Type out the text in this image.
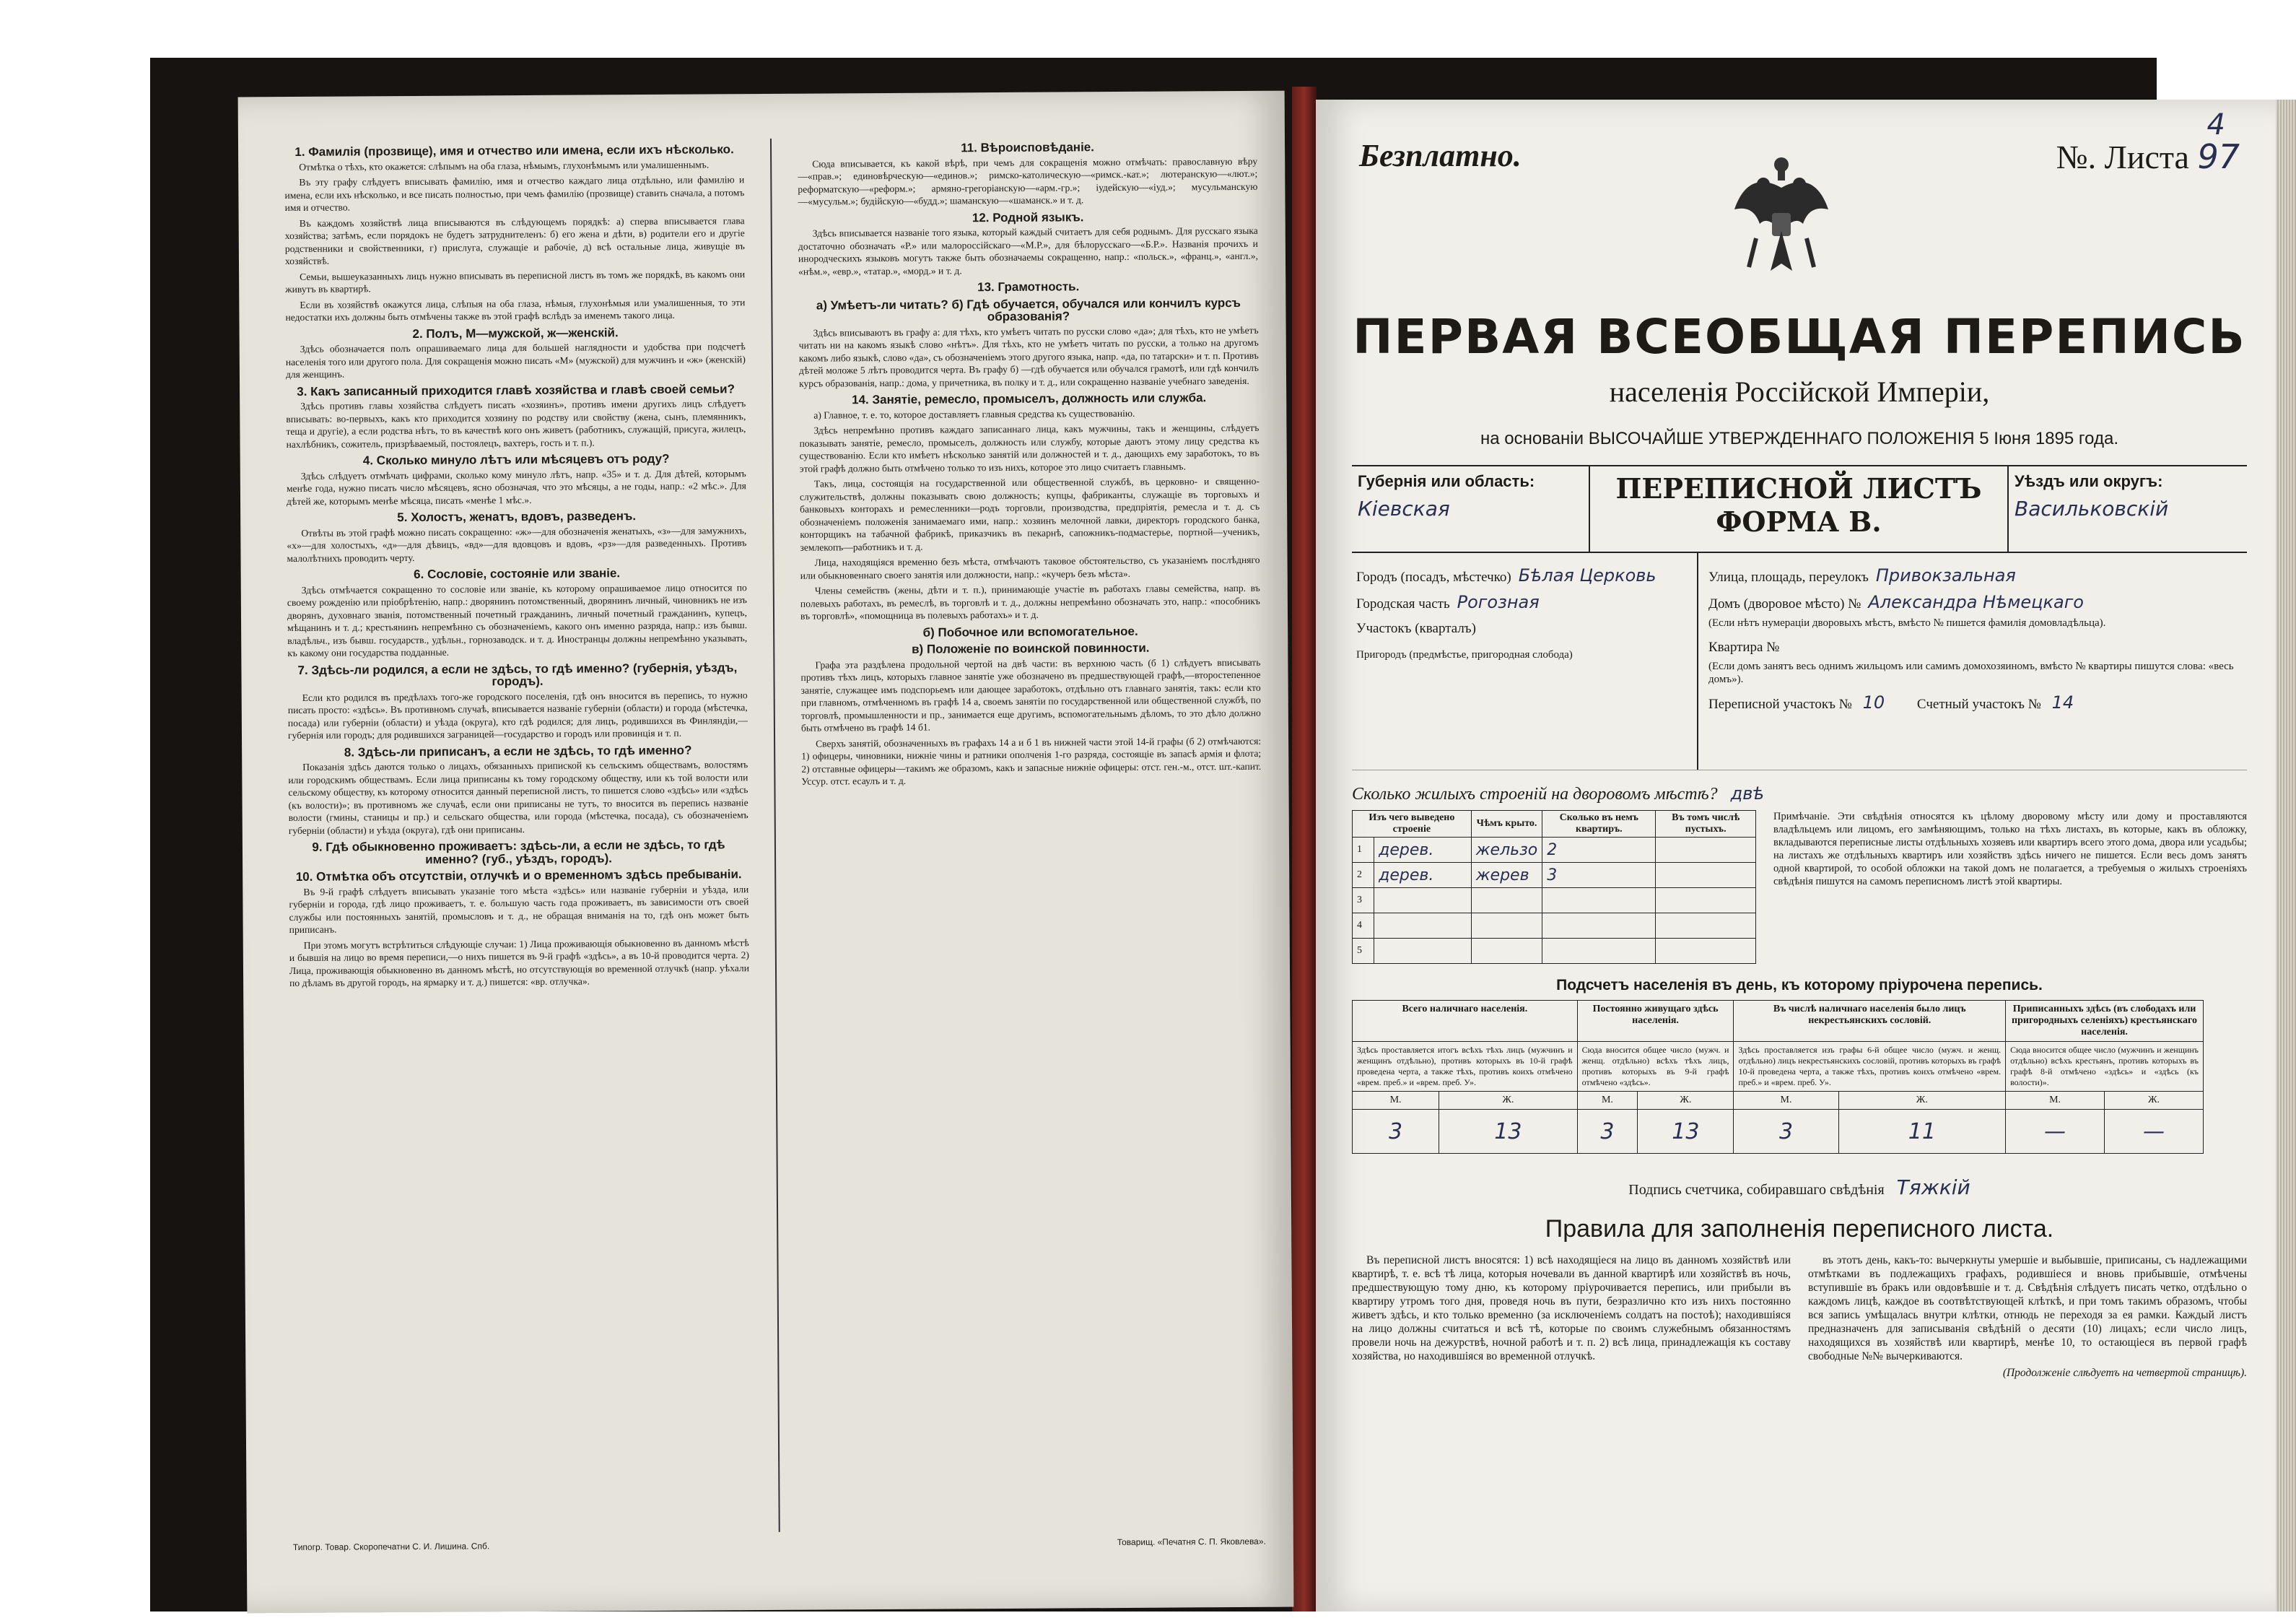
1. Фамилія (прозвище), имя и отчество или имена, если ихъ нѣсколько.

Отмѣтка о тѣхъ, кто окажется: слѣпымъ на оба глаза, нѣмымъ, глухонѣмымъ или умалишеннымъ.

Въ эту графу слѣдуетъ вписывать фамилію, имя и отчество каждаго лица отдѣльно, или фамилію и имена, если ихъ нѣсколько, и все писать полностью, при чемъ фамилію (прозвище) ставить сначала, а потомъ имя и отчество.

Въ каждомъ хозяйствѣ лица вписываются въ слѣдующемъ порядкѣ: а) сперва вписывается глава хозяйства; затѣмъ, если порядокъ не будетъ затруднителенъ: б) его жена и дѣти, в) родители его и другіе родственники и свойственники, г) прислуга, служащіе и рабочіе, д) всѣ остальные лица, живущіе въ хозяйствѣ.

Семьи, вышеуказанныхъ лицъ нужно вписывать въ переписной листъ въ томъ же порядкѣ, въ какомъ они живутъ въ квартирѣ.

Если въ хозяйствѣ окажутся лица, слѣпыя на оба глаза, нѣмыя, глухонѣмыя или умалишенныя, то эти недостатки ихъ должны быть отмѣчены также въ этой графѣ вслѣдъ за именемъ такого лица.

2. Полъ, М—мужской, ж—женскій.

Здѣсь обозначается полъ опрашиваемаго лица для большей наглядности и удобства при подсчетѣ населенія того или другого пола. Для сокращенія можно писать «М» (мужской) для мужчинъ и «ж» (женскій) для женщинъ.

3. Какъ записанный приходится главѣ хозяйства и главѣ своей семьи?

Здѣсь противъ главы хозяйства слѣдуетъ писать «хозяинъ», противъ имени другихъ лицъ слѣдуетъ вписывать: во-первыхъ, какъ кто приходится хозяину по родству или свойству (жена, сынъ, племянникъ, теща и другіе), а если родства нѣтъ, то въ качествѣ кого онъ живетъ (работникъ, служащій, присуга, жилецъ, нахлѣбникъ, сожитель, призрѣваемый, постоялецъ, вахтеръ, гость и т. п.).

4. Сколько минуло лѣтъ или мѣсяцевъ отъ роду?

Здѣсь слѣдуетъ отмѣчать цифрами, сколько кому минуло лѣтъ, напр. «35» и т. д. Для дѣтей, которымъ менѣе года, нужно писать число мѣсяцевъ, ясно обозначая, что это мѣсяцы, а не годы, напр.: «2 мѣс.». Для дѣтей же, которымъ менѣе мѣсяца, писать «менѣе 1 мѣс.».

5. Холостъ, женатъ, вдовъ, разведенъ.

Отвѣты въ этой графѣ можно писать сокращенно: «ж»—для обозначенія женатыхъ, «з»—для замужнихъ, «х»—для холостыхъ, «д»—для дѣвицъ, «вд»—для вдовцовъ и вдовъ, «рз»—для разведенныхъ. Противъ малолѣтнихъ проводить черту.

6. Сословіе, состояніе или званіе.

Здѣсь отмѣчается сокращенно то сословіе или званіе, къ которому опрашиваемое лицо относится по своему рожденію или пріобрѣтенію, напр.: дворянинъ потомственный, дворянинъ личный, чиновникъ не изъ дворянъ, духовнаго званія, потомственный почетный гражданинъ, личный почетный гражданинъ, купецъ, мѣщанинъ и т. д.; крестьянинъ непремѣнно съ обозначеніемъ, какого онъ именно разряда, напр.: изъ бывш. владѣльч., изъ бывш. государств., удѣльн., горнозаводск. и т. д. Иностранцы должны непремѣнно указывать, къ какому они государства подданные.

7. Здѣсь-ли родился, а если не здѣсь, то гдѣ именно? (губернія, уѣздъ, городъ).

Если кто родился въ предѣлахъ того-же городского поселенія, гдѣ онъ вносится въ перепись, то нужно писать просто: «здѣсь». Въ противномъ случаѣ, вписывается названіе губерніи (области) и города (мѣстечка, посада) или губерніи (области) и уѣзда (округа), кто гдѣ родился; для лицъ, родившихся въ Финляндіи,—губернія или городъ; для родившихся заграницей—государство и городъ или провинція и т. п.

8. Здѣсь-ли приписанъ, а если не здѣсь, то гдѣ именно?

Показанія здѣсь даются только о лицахъ, обязанныхъ припиской къ сельскимъ обществамъ, волостямъ или городскимъ обществамъ. Если лица приписаны къ тому городскому обществу, или къ той волости или сельскому обществу, къ которому относится данный переписной листъ, то пишется слово «здѣсь» или «здѣсь (къ волости)»; въ противномъ же случаѣ, если они приписаны не тутъ, то вносится въ перепись названіе волости (гмины, станицы и пр.) и сельскаго общества, или города (мѣстечка, посада), съ обозначеніемъ губерніи (области) и уѣзда (округа), гдѣ они приписаны.

9. Гдѣ обыкновенно проживаетъ: здѣсь-ли, а если не здѣсь, то гдѣ именно? (губ., уѣздъ, городъ).
10. Отмѣтка объ отсутствіи, отлучкѣ и о временномъ здѣсь пребываніи.

Въ 9-й графѣ слѣдуетъ вписывать указаніе того мѣста «здѣсь» или названіе губерніи и уѣзда, или губерніи и города, гдѣ лицо проживаетъ, т. е. большую часть года проживаетъ, въ зависимости отъ своей службы или постоянныхъ занятій, промысловъ и т. д., не обращая вниманія на то, гдѣ онъ может быть приписанъ.

При этомъ могутъ встрѣтиться слѣдующіе случаи: 1) Лица проживающія обыкновенно въ данномъ мѣстѣ и бывшія на лицо во время переписи,—о нихъ пишется въ 9-й графѣ «здѣсь», а въ 10-й проводится черта. 2) Лица, проживающія обыкновенно въ данномъ мѣстѣ, но отсутствующія во временной отлучкѣ (напр. уѣхали по дѣламъ въ другой городъ, на ярмарку и т. д.) пишется: «вр. отлучка».

11. Вѣроисповѣданіе.

Сюда вписывается, къ какой вѣрѣ, при чемъ для сокращенія можно отмѣчать: православную вѣру—«прав.»; единовѣрческую—«единов.»; римско-католическую—«римск.-кат.»; лютеранскую—«лют.»; реформатскую—«реформ.»; армяно-грегоріанскую—«арм.-гр.»; іудейскую—«іуд.»; мусульманскую—«мусульм.»; будійскую—«будд.»; шаманскую—«шаманск.» и т. д.

12. Родной языкъ.

Здѣсь вписывается названіе того языка, который каждый считаетъ для себя роднымъ. Для русскаго языка достаточно обозначать «Р.» или малороссійскаго—«М.Р.», для бѣлорусскаго—«Б.Р.». Названія прочихъ и инородческихъ языковъ могутъ также быть обозначаемы сокращенно, напр.: «польск.», «франц.», «англ.», «нѣм.», «евр.», «татар.», «морд.» и т. д.

13. Грамотность.
а) Умѣетъ-ли читать? б) Гдѣ обучается, обучался или кончилъ курсъ образованія?

Здѣсь вписываютъ въ графу а: для тѣхъ, кто умѣетъ читать по русски слово «да»; для тѣхъ, кто не умѣетъ читать ни на какомъ языкѣ слово «нѣтъ». Для тѣхъ, кто не умѣетъ читать по русски, а только на другомъ какомъ либо языкѣ, слово «да», съ обозначеніемъ этого другого языка, напр. «да, по татарски» и т. п. Противъ дѣтей моложе 5 лѣтъ проводится черта. Въ графу б) —гдѣ обучается или обучался грамотѣ, или гдѣ кончилъ курсъ образованія, напр.: дома, у причетника, въ полку и т. д., или сокращенно названіе учебнаго заведенія.

14. Занятіе, ремесло, промыселъ, должность или служба.

а) Главное, т. е. то, которое доставляетъ главныя средства къ существованію.

Здѣсь непремѣнно противъ каждаго записаннаго лица, какъ мужчины, такъ и женщины, слѣдуетъ показывать занятіе, ремесло, промыселъ, должность или службу, которые даютъ этому лицу средства къ существованію. Если кто имѣетъ нѣсколько занятій или должностей и т. д., дающихъ ему заработокъ, то въ этой графѣ должно быть отмѣчено только то изъ нихъ, которое это лицо считаетъ главнымъ.

Такъ, лица, состоящія на государственной или общественной службѣ, въ церковно- и священно-служительствѣ, должны показывать свою должность; купцы, фабриканты, служащіе въ торговыхъ и банковыхъ конторахъ и ремесленники—родъ торговли, производства, предпріятія, ремесла и т. д. съ обозначеніемъ положенія занимаемаго ими, напр.: хозяинъ мелочной лавки, директоръ городского банка, конторщикъ на табачной фабрикѣ, приказчикъ въ пекарнѣ, сапожникъ-подмастерье, портной—ученикъ, землекопъ—работникъ и т. д.

Лица, находящіяся временно безъ мѣста, отмѣчаютъ таковое обстоятельство, съ указаніемъ послѣдняго или обыкновеннаго своего занятія или должности, напр.: «кучеръ безъ мѣста».

Члены семействъ (жены, дѣти и т. п.), принимающіе участіе въ работахъ главы семейства, напр. въ полевыхъ работахъ, въ ремеслѣ, въ торговлѣ и т. д., должны непремѣнно обозначать это, напр.: «пособникъ въ торговлѣ», «помощница въ полевыхъ работахъ» и т. д.

б) Побочное или вспомогательное.
в) Положеніе по воинской повинности.

Графа эта раздѣлена продольной чертой на двѣ части: въ верхнюю часть (б 1) слѣдуетъ вписывать противъ тѣхъ лицъ, которыхъ главное занятіе уже обозначено въ предшествующей графѣ,—второстепенное занятіе, служащее имъ подспорьемъ или дающее заработокъ, отдѣльно отъ главнаго занятія, такъ: если кто при главномъ, отмѣченномъ въ графѣ 14 а, своемъ занятіи по государственной или общественной службѣ, по торговлѣ, промышленности и пр., занимается еще другимъ, вспомогательнымъ дѣломъ, то это дѣло должно быть отмѣчено въ графѣ 14 б1.

Сверхъ занятій, обозначенныхъ въ графахъ 14 а и б 1 въ нижней части этой 14-й графы (б 2) отмѣчаются: 1) офицеры, чиновники, нижніе чины и ратники ополченія 1-го разряда, состоящіе въ запасѣ армія и флота; 2) отставные офицеры—такимъ же образомъ, какъ и запасные нижніе офицеры: отст. ген.-м., отст. шт.-капит. Уссур. отст. есаулъ и т. д.

Типогр. Товар. Скоропечатни С. И. Лишина. Спб.	Товарищ. «Печатня С. П. Яковлева».
Безплатно.	№. Листа 97
4
ПЕРВАЯ ВСЕОБЩАЯ ПЕРЕПИСЬ
населенія Россійской Имперіи,
на основаніи ВЫСОЧАЙШЕ УТВЕРЖДЕННАГО ПОЛОЖЕНІЯ 5 Іюня 1895 года.
Губернія или область:
Кіевская
ПЕРЕПИСНОЙ ЛИСТЪ
ФОРМА В.
Уѣздъ или округъ:
Васильковскій
Городъ (посадъ, мѣстечко) Бѣлая Церковь
Городская часть Рогозная
Участокъ (кварталъ)
Пригородъ (предмѣстье, пригородная слобода)
Улица, площадь, переулокъ Привокзальная
Домъ (дворовое мѣсто) № Александра Нѣмецкаго
(Если нѣтъ нумераціи дворовыхъ мѣстъ, вмѣсто № пишется фамилія домовладѣльца).
Квартира №
(Если домъ занятъ весь однимъ жильцомъ или самимъ домохозяиномъ, вмѣсто № квартиры пишутся слова: «весь домъ»).
Переписной участокъ № 10 Счетный участокъ № 14
Сколько жилыхъ строеній на дворовомъ мѣстѣ? двѣ
Изъ чего выведено строеніе		Чѣмъ крыто.	Сколько въ немъ квартиръ.	Въ томъ числѣ пустыхъ.
1	дерев.	жельзо	2	
2	дерев.	жерев	3	
3				
4				
5				
Примѣчаніе. Эти свѣдѣнія относятся къ цѣлому дворовому мѣсту или дому и проставляются владѣльцемъ или лицомъ, его замѣняющимъ, только на тѣхъ листахъ, въ которые, какъ въ обложку, вкладываются переписные листы отдѣльныхъ хозяевъ или квартиръ всего этого дома, двора или усадьбы; на листахъ же отдѣльныхъ квартиръ или хозяйствъ здѣсь ничего не пишется. Если весь домъ занятъ одной квартирой, то особой обложки на такой домъ не полагается, а требуемыя о жилыхъ строеніяхъ свѣдѣнія пишутся на самомъ переписномъ листѣ этой квартиры.
Подсчетъ населенія въ день, къ которому пріурочена перепись.
Всего наличнаго населенія.		Постоянно живущаго здѣсь населенія.		Въ числѣ наличнаго населенія было лицъ некрестьянскихъ сословій.		Приписанныхъ здѣсь (въ слободахъ или пригородныхъ селеніяхъ) крестьянскаго населенія.	
Здѣсь проставляется итогъ всѣхъ тѣхъ лицъ (мужчинъ и женщинъ отдѣльно), противъ которыхъ въ 10-й графѣ проведена черта, а также тѣхъ, противъ коихъ отмѣчено «врем. преб.» и «врем. преб. У».		Сюда вносится общее число (мужч. и женщ. отдѣльно) всѣхъ тѣхъ лицъ, противъ которыхъ въ 9-й графѣ отмѣчено «здѣсь».		Здѣсь проставляется изъ графы 6-й общее число (мужч. и женщ. отдѣльно) лицъ некрестьянскихъ сословій, противъ которыхъ въ графѣ 10-й проведена черта, а также тѣхъ, противъ коихъ отмѣчено «врем. преб.» и «врем. преб. У».		Сюда вносится общее число (мужчинъ и женщинъ отдѣльно) всѣхъ крестьянъ, противъ которыхъ въ графѣ 8-й отмѣчено «здѣсь» и «здѣсь (къ волости)».	
М.	Ж.	М.	Ж.	М.	Ж.	М.	Ж.
3	13	3	13	3	11	—	—
Подпись счетчика, собиравшаго свѣдѣнія Тяжкій
Правила для заполненія переписного листа.

Въ переписной листъ вносятся: 1) всѣ находящіеся на лицо въ данномъ хозяйствѣ или квартирѣ, т. е. всѣ тѣ лица, которыя ночевали въ данной квартирѣ или хозяйствѣ въ ночь, предшествующую тому дню, къ которому пріурочивается перепись, или прибыли въ квартиру утромъ того дня, проведя ночь въ пути, безразлично кто изъ нихъ постоянно живетъ здѣсь, и кто только временно (за исключеніемъ солдатъ на постоѣ); находившіяся на лицо должны считаться и всѣ тѣ, которые по своимъ служебнымъ обязанностямъ провели ночь на дежурствѣ, ночной работѣ и т. п. 2) всѣ лица, принадлежащія къ составу хозяйства, но находившіяся во временной отлучкѣ.

въ этотъ день, какъ-то: вычеркнуты умершіе и выбывшіе, приписаны, съ надлежащими отмѣтками въ подлежащихъ графахъ, родившіеся и вновь прибывшіе, отмѣчены вступившіе въ бракъ или овдовѣвшіе и т. д. Свѣдѣнія слѣдуетъ писать четко, отдѣльно о каждомъ лицѣ, каждое въ соотвѣтствующей клѣткѣ, и при томъ такимъ образомъ, чтобы вся запись умѣщалась внутри клѣтки, отнюдь не переходя за ея рамки. Каждый листъ предназначенъ для записыванія свѣдѣній о десяти (10) лицахъ; если число лицъ, находящихся въ хозяйствѣ или квартирѣ, менѣе 10, то остающіеся въ первой графѣ свободные №№ вычеркиваются.

(Продолженіе слѣдуетъ на четвертой страницѣ).
